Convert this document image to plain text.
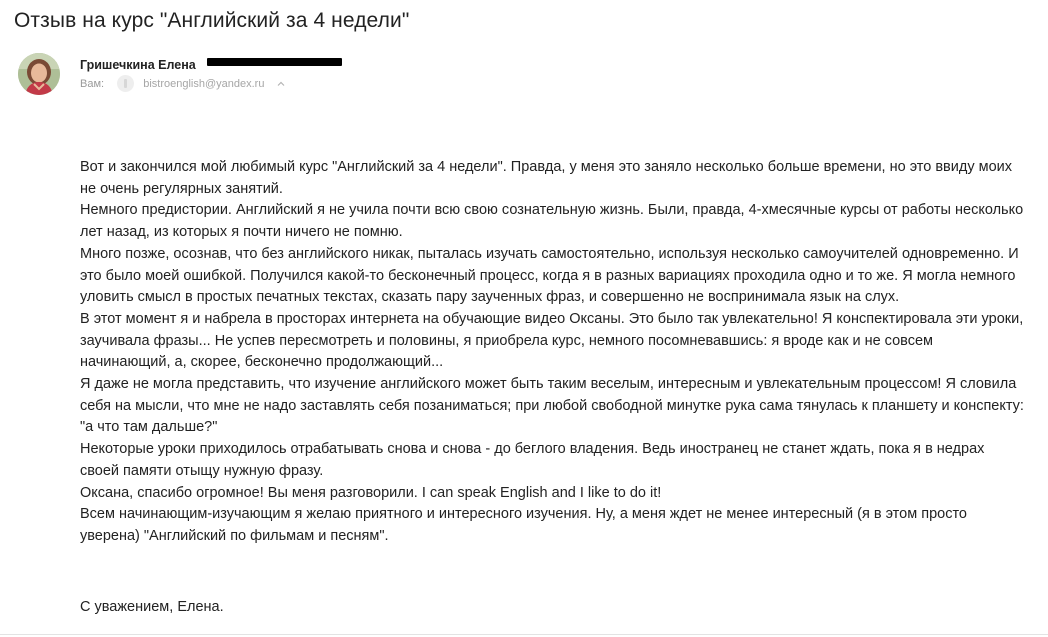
Отзыв на курс "Английский за 4 недели"
Гришечкина Елена
Вам:	bistroenglish@yandex.ru

Вот и закончился мой любимый курс "Английский за 4 недели". Правда, у меня это заняло несколько больше времени, но это ввиду моих не очень регулярных занятий.

Немного предистории. Английский я не учила почти всю свою сознательную жизнь. Были, правда, 4-хмесячные курсы от работы несколько лет назад, из которых я почти ничего не помню.

Много позже, осознав, что без английского никак, пыталась изучать самостоятельно, используя несколько самоучителей одновременно. И это было моей ошибкой. Получился какой-то бесконечный процесс, когда я в разных вариациях проходила одно и то же. Я могла немного уловить смысл в простых печатных текстах, сказать пару заученных фраз, и совершенно не воспринимала язык на слух.

В этот момент я и набрела в просторах интернета на обучающие видео Оксаны. Это было так увлекательно! Я конспектировала эти уроки, заучивала фразы... Не успев пересмотреть и половины, я приобрела курс, немного посомневавшись: я вроде как и не совсем начинающий, а, скорее, бесконечно продолжающий...

Я даже не могла представить, что изучение английского может быть таким веселым, интересным и увлекательным процессом! Я словила себя на мысли, что мне не надо заставлять себя позаниматься; при любой свободной минутке рука сама тянулась к планшету и конспекту: "а что там дальше?"

Некоторые уроки приходилось отрабатывать снова и снова - до беглого владения. Ведь иностранец не станет ждать, пока я в недрах своей памяти отыщу нужную фразу.

Оксана, спасибо огромное! Вы меня разговорили. I can speak English and I like to do it!

Всем начинающим-изучающим я желаю приятного и интересного изучения. Ну, а меня ждет не менее интересный (я в этом просто уверена) "Английский по фильмам и песням".

С уважением, Елена.
